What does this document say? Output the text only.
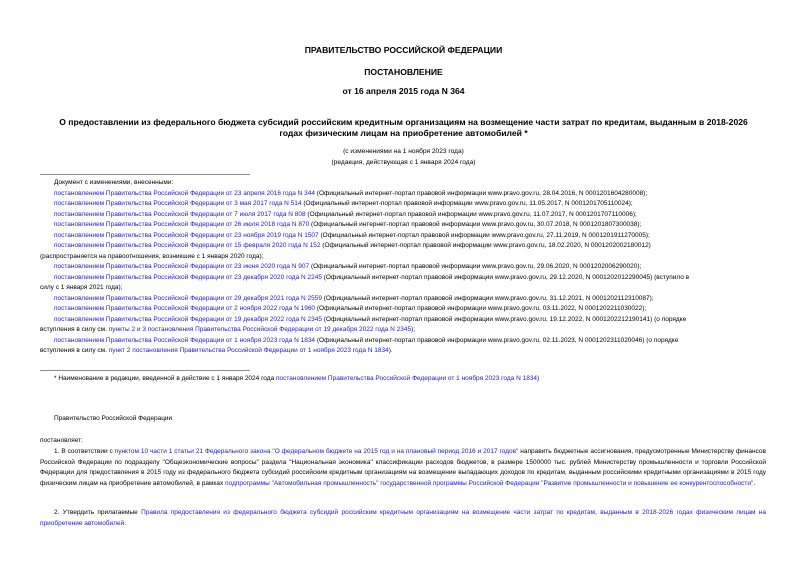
ПРАВИТЕЛЬСТВО РОССИЙСКОЙ ФЕДЕРАЦИИ
ПОСТАНОВЛЕНИЕ
от 16 апреля 2015 года N 364
О предоставлении из федерального бюджета субсидий российским кредитным организациям на возмещение части затрат по кредитам, выданным в 2018-2026
годах физическим лицам на приобретение автомобилей *
(с изменениями на 1 ноября 2023 года)
(редакция, действующая с 1 января 2024 года)
Документ с изменениями, внесенными:
постановлением Правительства Российской Федерации от 23 апреля 2016 года N 344 (Официальный интернет-портал правовой информации www.pravo.gov.ru, 28.04.2016, N 0001201604280008);
постановлением Правительства Российской Федерации от 3 мая 2017 года N 514 (Официальный интернет-портал правовой информации www.pravo.gov.ru, 11.05.2017, N 0001201705110024);
постановлением Правительства Российской Федерации от 7 июля 2017 года N 808 (Официальный интернет-портал правовой информации www.pravo.gov.ru, 11.07.2017, N 0001201707110006);
постановлением Правительства Российской Федерации от 26 июля 2018 года N 870 (Официальный интернет-портал правовой информации www.pravo.gov.ru, 30.07.2018, N 0001201807300038);
постановлением Правительства Российской Федерации от 23 ноября 2019 года N 1507 (Официальный интернет-портал правовой информации www.pravo.gov.ru, 27.11.2019, N 0001201911270005);
постановлением Правительства Российской Федерации от 15 февраля 2020 года N 152 (Официальный интернет-портал правовой информации www.pravo.gov.ru, 18.02.2020, N 0001202002180012)
(распространяется на правоотношения, возникшие с 1 января 2020 года);
постановлением Правительства Российской Федерации от 23 июня 2020 года N 907 (Официальный интернет-портал правовой информации www.pravo.gov.ru, 29.06.2020, N 0001202006290020);
постановлением Правительства Российской Федерации от 23 декабря 2020 года N 2245 (Официальный интернет-портал правовой информации www.pravo.gov.ru, 29.12.2020, N 0001202012290045) (вступило в
силу с 1 января 2021 года);
постановлением Правительства Российской Федерации от 29 декабря 2021 года N 2559 (Официальный интернет-портал правовой информации www.pravo.gov.ru, 31.12.2021, N 0001202112310087);
постановлением Правительства Российской Федерации от 2 ноября 2022 года N 1960 (Официальный интернет-портал правовой информации www.pravo.gov.ru, 03.11.2022, N 0001202211030022);
постановлением Правительства Российской Федерации от 19 декабря 2022 года N 2345 (Официальный интернет-портал правовой информации www.pravo.gov.ru, 19.12.2022, N 0001202212190141) (о порядке
вступления в силу см. пункты 2 и 3 постановления Правительства Российской Федерации от 19 декабря 2022 года N 2345);
постановлением Правительства Российской Федерации от 1 ноября 2023 года N 1834 (Официальный интернет-портал правовой информации www.pravo.gov.ru, 02.11.2023, N 0001202311020046) (о порядке
вступления в силу см. пункт 2 постановления Правительства Российской Федерации от 1 ноября 2023 года N 1834).
* Наименование в редакции, введенной в действие с 1 января 2024 года постановлением Правительства Российской Федерации от 1 ноября 2023 года N 1834)
Правительство Российской Федерации
постановляет:
1. В соответствии с пунктом 10 части 1 статьи 21 Федерального закона "О федеральном бюджете на 2015 год и на плановый период 2016 и 2017 годов" направить бюджетные ассигнования, предусмотренные Министерству финансов Российской Федерации по подразделу "Общеэкономические вопросы" раздела "Национальная экономика" классификации расходов бюджетов, в размере 1500000 тыс. рублей Министерству промышленности и торговли Российской Федерации для предоставления в 2015 году из федерального бюджета субсидий российским кредитным организациям на возмещение выпадающих доходов по кредитам, выданным российскими кредитными организациями в 2015 году физическим лицам на приобретение автомобилей, в рамках подпрограммы "Автомобильная промышленность" государственной программы Российской Федерации "Развитие промышленности и повышение ее конкурентоспособности".
2. Утвердить прилагаемые Правила предоставления из федерального бюджета субсидий российским кредитным организациям на возмещение части затрат по кредитам, выданным в 2018-2026 годах физическим лицам на приобретение автомобилей.
